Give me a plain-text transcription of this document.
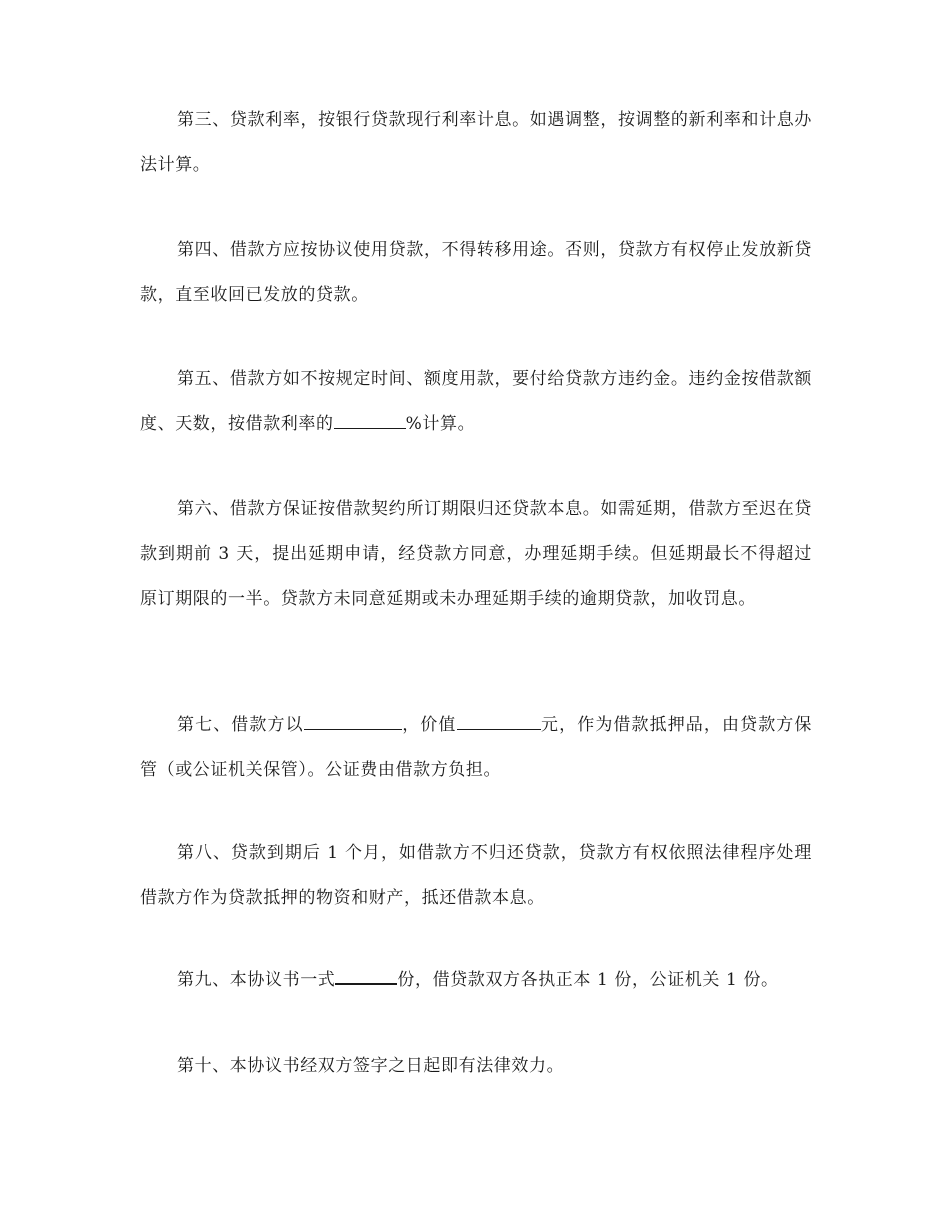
第三、贷款利率，按银行贷款现行利率计息。如遇调整，按调整的新利率和计息办法计算。

第四、借款方应按协议使用贷款，不得转移用途。否则，贷款方有权停止发放新贷款，直至收回已发放的贷款。

第五、借款方如不按规定时间、额度用款，要付给贷款方违约金。违约金按借款额度、天数，按借款利率的	%计算。

第六、借款方保证按借款契约所订期限归还贷款本息。如需延期，借款方至迟在贷款到期前 3 天，提出延期申请，经贷款方同意，办理延期手续。但延期最长不得超过原订期限的一半。贷款方未同意延期或未办理延期手续的逾期贷款，加收罚息。

第七、借款方以	，价值	元，作为借款抵押品，由贷款方保管（或公证机关保管）。公证费由借款方负担。

第八、贷款到期后 1 个月，如借款方不归还贷款，贷款方有权依照法律程序处理借款方作为贷款抵押的物资和财产，抵还借款本息。

第九、本协议书一式	份，借贷款双方各执正本 1 份，公证机关 1 份。

第十、本协议书经双方签字之日起即有法律效力。
